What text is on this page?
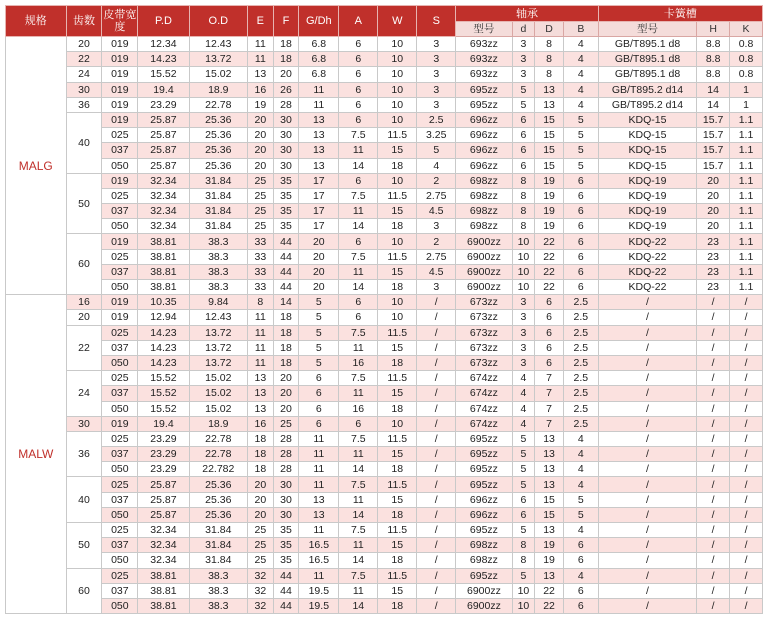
规格	齿数	皮带宽度	P.D	O.D	E	F	G/Dh	A	W	S	轴承				卡簧槽		
											型号	d	D	B	型号	H	K
MALG	20	019	12.34	12.43	11	18	6.8	6	10	3	693zz	3	8	4	GB/T895.1 d8	8.8	0.8
	22	019	14.23	13.72	11	18	6.8	6	10	3	693zz	3	8	4	GB/T895.1 d8	8.8	0.8
	24	019	15.52	15.02	13	20	6.8	6	10	3	693zz	3	8	4	GB/T895.1 d8	8.8	0.8
	30	019	19.4	18.9	16	26	11	6	10	3	695zz	5	13	4	GB/T895.2 d14	14	1
	36	019	23.29	22.78	19	28	11	6	10	3	695zz	5	13	4	GB/T895.2 d14	14	1
	40	019	25.87	25.36	20	30	13	6	10	2.5	696zz	6	15	5	KDQ-15	15.7	1.1
		025	25.87	25.36	20	30	13	7.5	11.5	3.25	696zz	6	15	5	KDQ-15	15.7	1.1
		037	25.87	25.36	20	30	13	11	15	5	696zz	6	15	5	KDQ-15	15.7	1.1
		050	25.87	25.36	20	30	13	14	18	4	696zz	6	15	5	KDQ-15	15.7	1.1
	50	019	32.34	31.84	25	35	17	6	10	2	698zz	8	19	6	KDQ-19	20	1.1
		025	32.34	31.84	25	35	17	7.5	11.5	2.75	698zz	8	19	6	KDQ-19	20	1.1
		037	32.34	31.84	25	35	17	11	15	4.5	698zz	8	19	6	KDQ-19	20	1.1
		050	32.34	31.84	25	35	17	14	18	3	698zz	8	19	6	KDQ-19	20	1.1
	60	019	38.81	38.3	33	44	20	6	10	2	6900zz	10	22	6	KDQ-22	23	1.1
		025	38.81	38.3	33	44	20	7.5	11.5	2.75	6900zz	10	22	6	KDQ-22	23	1.1
		037	38.81	38.3	33	44	20	11	15	4.5	6900zz	10	22	6	KDQ-22	23	1.1
		050	38.81	38.3	33	44	20	14	18	3	6900zz	10	22	6	KDQ-22	23	1.1
MALW	16	019	10.35	9.84	8	14	5	6	10	/	673zz	3	6	2.5	/	/	/
	20	019	12.94	12.43	11	18	5	6	10	/	673zz	3	6	2.5	/	/	/
	22	025	14.23	13.72	11	18	5	7.5	11.5	/	673zz	3	6	2.5	/	/	/
		037	14.23	13.72	11	18	5	11	15	/	673zz	3	6	2.5	/	/	/
		050	14.23	13.72	11	18	5	16	18	/	673zz	3	6	2.5	/	/	/
	24	025	15.52	15.02	13	20	6	7.5	11.5	/	674zz	4	7	2.5	/	/	/
		037	15.52	15.02	13	20	6	11	15	/	674zz	4	7	2.5	/	/	/
		050	15.52	15.02	13	20	6	16	18	/	674zz	4	7	2.5	/	/	/
	30	019	19.4	18.9	16	25	6	6	10	/	674zz	4	7	2.5	/	/	/
	36	025	23.29	22.78	18	28	11	7.5	11.5	/	695zz	5	13	4	/	/	/
		037	23.29	22.78	18	28	11	11	15	/	695zz	5	13	4	/	/	/
		050	23.29	22.782	18	28	11	14	18	/	695zz	5	13	4	/	/	/
	40	025	25.87	25.36	20	30	11	7.5	11.5	/	695zz	5	13	4	/	/	/
		037	25.87	25.36	20	30	13	11	15	/	696zz	6	15	5	/	/	/
		050	25.87	25.36	20	30	13	14	18	/	696zz	6	15	5	/	/	/
	50	025	32.34	31.84	25	35	11	7.5	11.5	/	695zz	5	13	4	/	/	/
		037	32.34	31.84	25	35	16.5	11	15	/	698zz	8	19	6	/	/	/
		050	32.34	31.84	25	35	16.5	14	18	/	698zz	8	19	6	/	/	/
	60	025	38.81	38.3	32	44	11	7.5	11.5	/	695zz	5	13	4	/	/	/
		037	38.81	38.3	32	44	19.5	11	15	/	6900zz	10	22	6	/	/	/
		050	38.81	38.3	32	44	19.5	14	18	/	6900zz	10	22	6	/	/	/
